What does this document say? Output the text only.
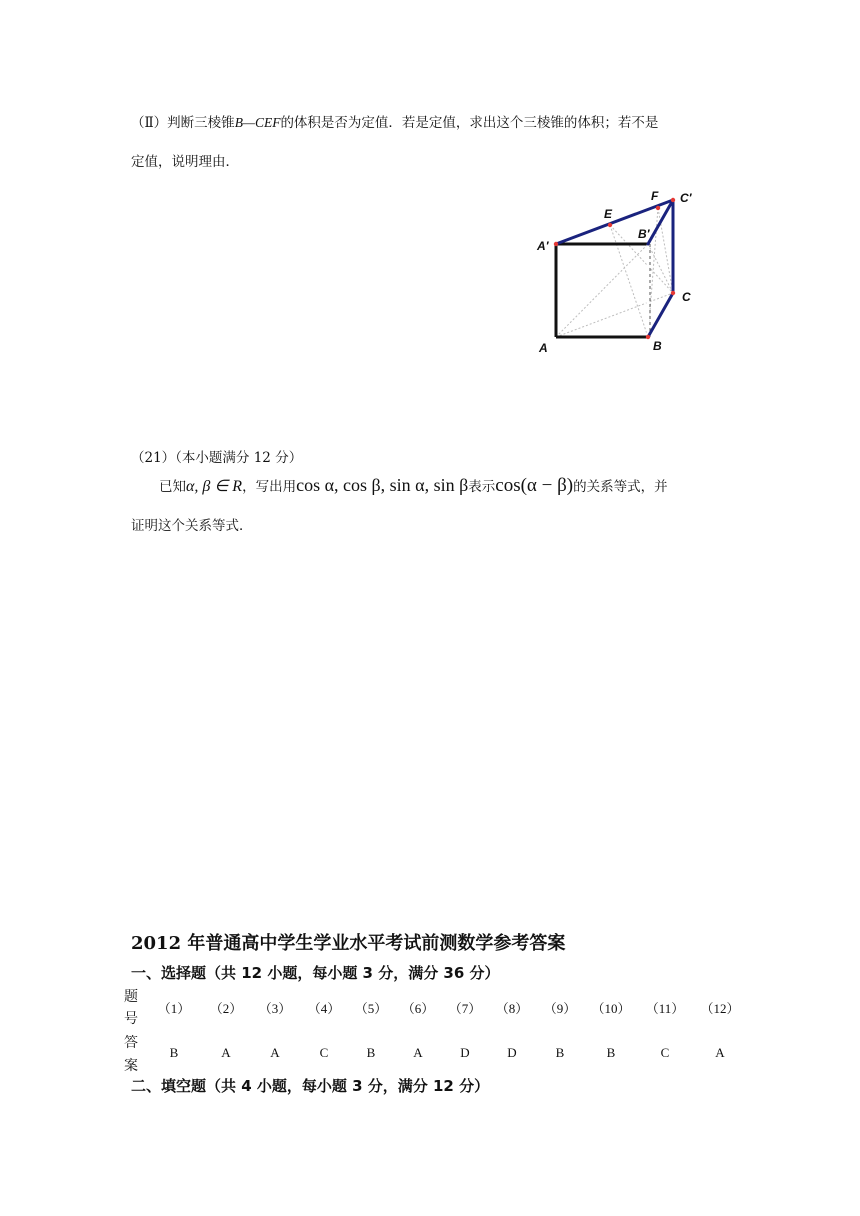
（Ⅱ）判断三棱锥B—CEF的体积是否为定值．若是定值，求出这个三棱锥的体积；若不是
定值，说明理由．
F C′
E
B′
A′
C
A	B
（21）（本小题满分 12 分）
已知α, β ∈ R，写出用cos α, cos β, sin α, sin β表示cos(α − β)的关系等式，并
证明这个关系等式．
2012 年普通高中学生学业水平考试前测数学参考答案
一、选择题（共 12 小题，每小题 3 分，满分 36 分）
题
号
答
案
（1）	（2）	（3）	（4）	（5）	（6）	（7）	（8）	（9）	（10）	（11）	（12）
B	A	A	C	B	A	D	D	B	B	C	A
二、填空题（共 4 小题，每小题 3 分，满分 12 分）
